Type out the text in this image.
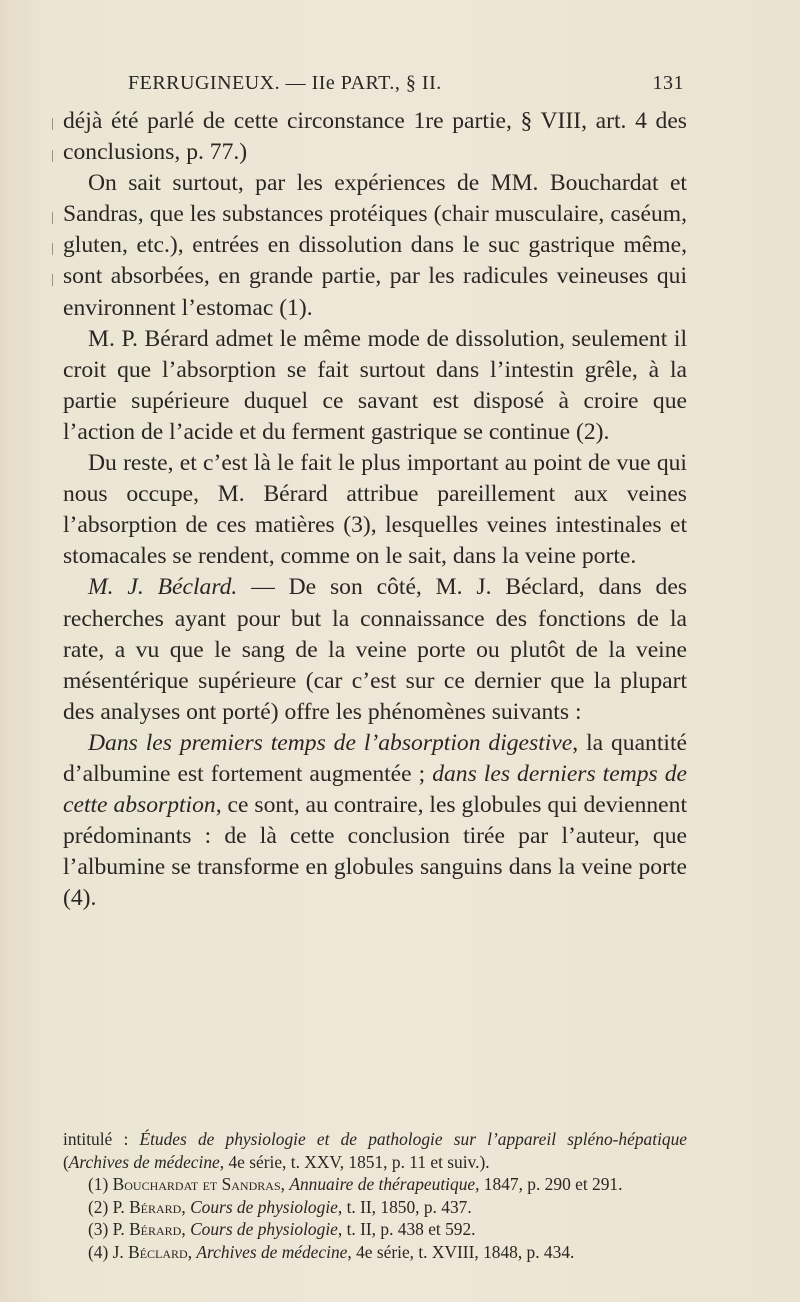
FERRUGINEUX. — IIe PART., § II.	131

déjà été parlé de cette circonstance 1re partie, § VIII, art. 4 des conclusions, p. 77.)

On sait surtout, par les expériences de MM. Bouchardat et Sandras, que les substances protéiques (chair musculaire, caséum, gluten, etc.), entrées en dissolution dans le suc gastrique même, sont absorbées, en grande partie, par les radicules veineuses qui environnent l’estomac (1).

M. P. Bérard admet le même mode de dissolution, seulement il croit que l’absorption se fait surtout dans l’intestin grêle, à la partie supérieure duquel ce savant est disposé à croire que l’action de l’acide et du ferment gastrique se continue (2).

Du reste, et c’est là le fait le plus important au point de vue qui nous occupe, M. Bérard attribue pareillement aux veines l’absorption de ces matières (3), lesquelles veines intestinales et stomacales se rendent, comme on le sait, dans la veine porte.

M. J. Béclard. — De son côté, M. J. Béclard, dans des recherches ayant pour but la connaissance des fonctions de la rate, a vu que le sang de la veine porte ou plutôt de la veine mésentérique supérieure (car c’est sur ce dernier que la plupart des analyses ont porté) offre les phénomènes suivants :

Dans les premiers temps de l’absorption digestive, la quantité d’albumine est fortement augmentée ; dans les derniers temps de cette absorption, ce sont, au contraire, les globules qui deviennent prédominants : de là cette conclusion tirée par l’auteur, que l’albumine se transforme en globules sanguins dans la veine porte (4).

intitulé : Études de physiologie et de pathologie sur l’appareil spléno-hépatique (Archives de médecine, 4e série, t. XXV, 1851, p. 11 et suiv.).

(1) Bouchardat et Sandras, Annuaire de thérapeutique, 1847, p. 290 et 291.

(2) P. Bérard, Cours de physiologie, t. II, 1850, p. 437.

(3) P. Bérard, Cours de physiologie, t. II, p. 438 et 592.

(4) J. Béclard, Archives de médecine, 4e série, t. XVIII, 1848, p. 434.
